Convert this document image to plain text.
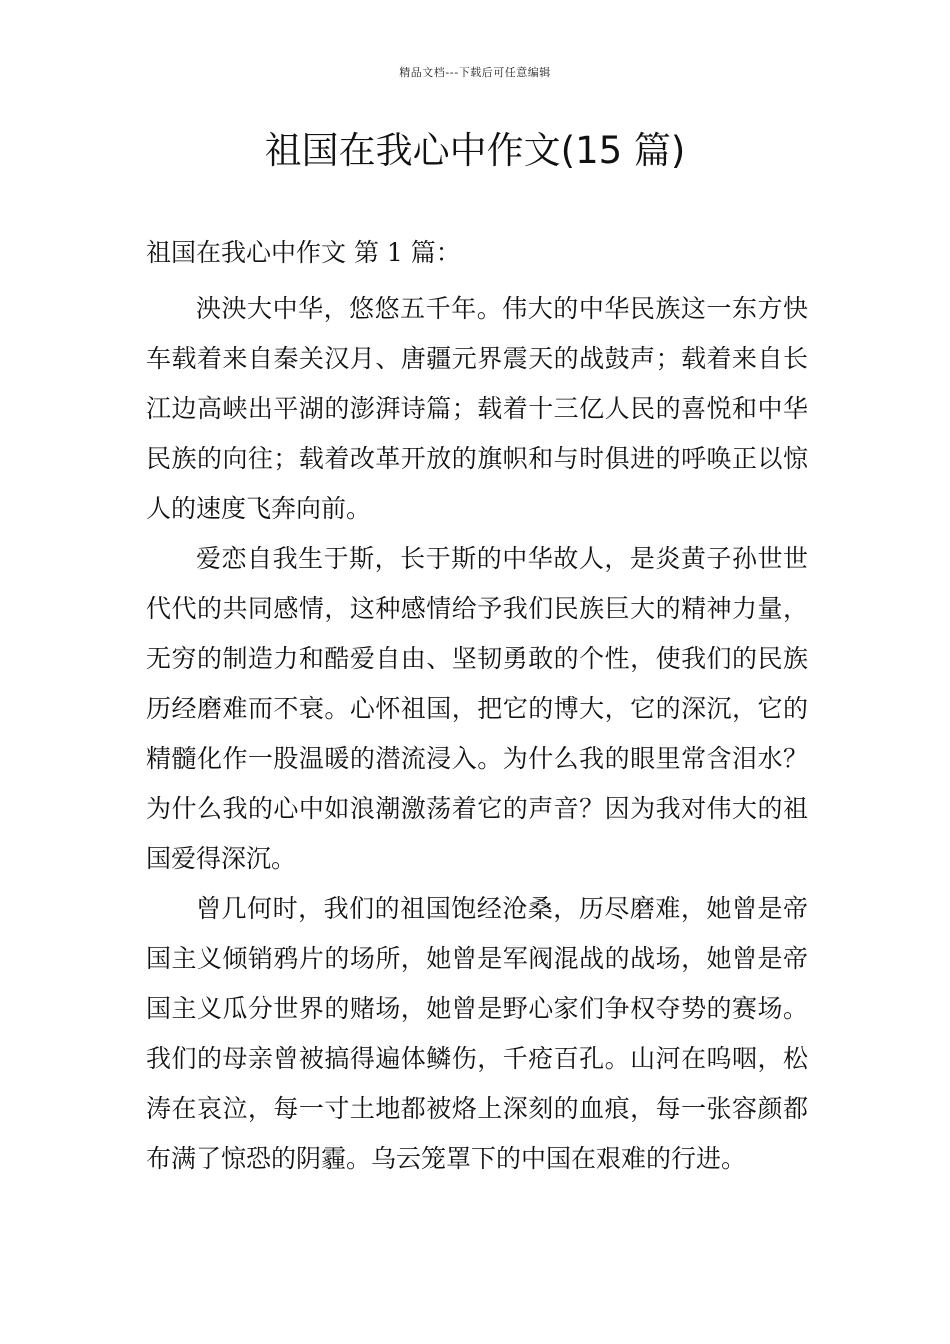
精品文档---下载后可任意编辑
祖国在我心中作文(15 篇)

祖国在我心中作文 第 1 篇：

泱泱大中华，悠悠五千年。伟大的中华民族这一东方快车载着来自秦关汉月、唐疆元界震天的战鼓声；载着来自长江边高峡出平湖的澎湃诗篇；载着十三亿人民的喜悦和中华民族的向往；载着改革开放的旗帜和与时俱进的呼唤正以惊人的速度飞奔向前。

爱恋自我生于斯，长于斯的中华故人，是炎黄子孙世世代代的共同感情，这种感情给予我们民族巨大的精神力量，无穷的制造力和酷爱自由、坚韧勇敢的个性，使我们的民族历经磨难而不衰。心怀祖国，把它的博大，它的深沉，它的精髓化作一股温暖的潜流浸入。为什么我的眼里常含泪水？为什么我的心中如浪潮激荡着它的声音？因为我对伟大的祖国爱得深沉。

曾几何时，我们的祖国饱经沧桑，历尽磨难，她曾是帝国主义倾销鸦片的场所，她曾是军阀混战的战场，她曾是帝国主义瓜分世界的赌场，她曾是野心家们争权夺势的赛场。我们的母亲曾被搞得遍体鳞伤，千疮百孔。山河在呜咽，松涛在哀泣，每一寸土地都被烙上深刻的血痕，每一张容颜都布满了惊恐的阴霾。乌云笼罩下的中国在艰难的行进。
